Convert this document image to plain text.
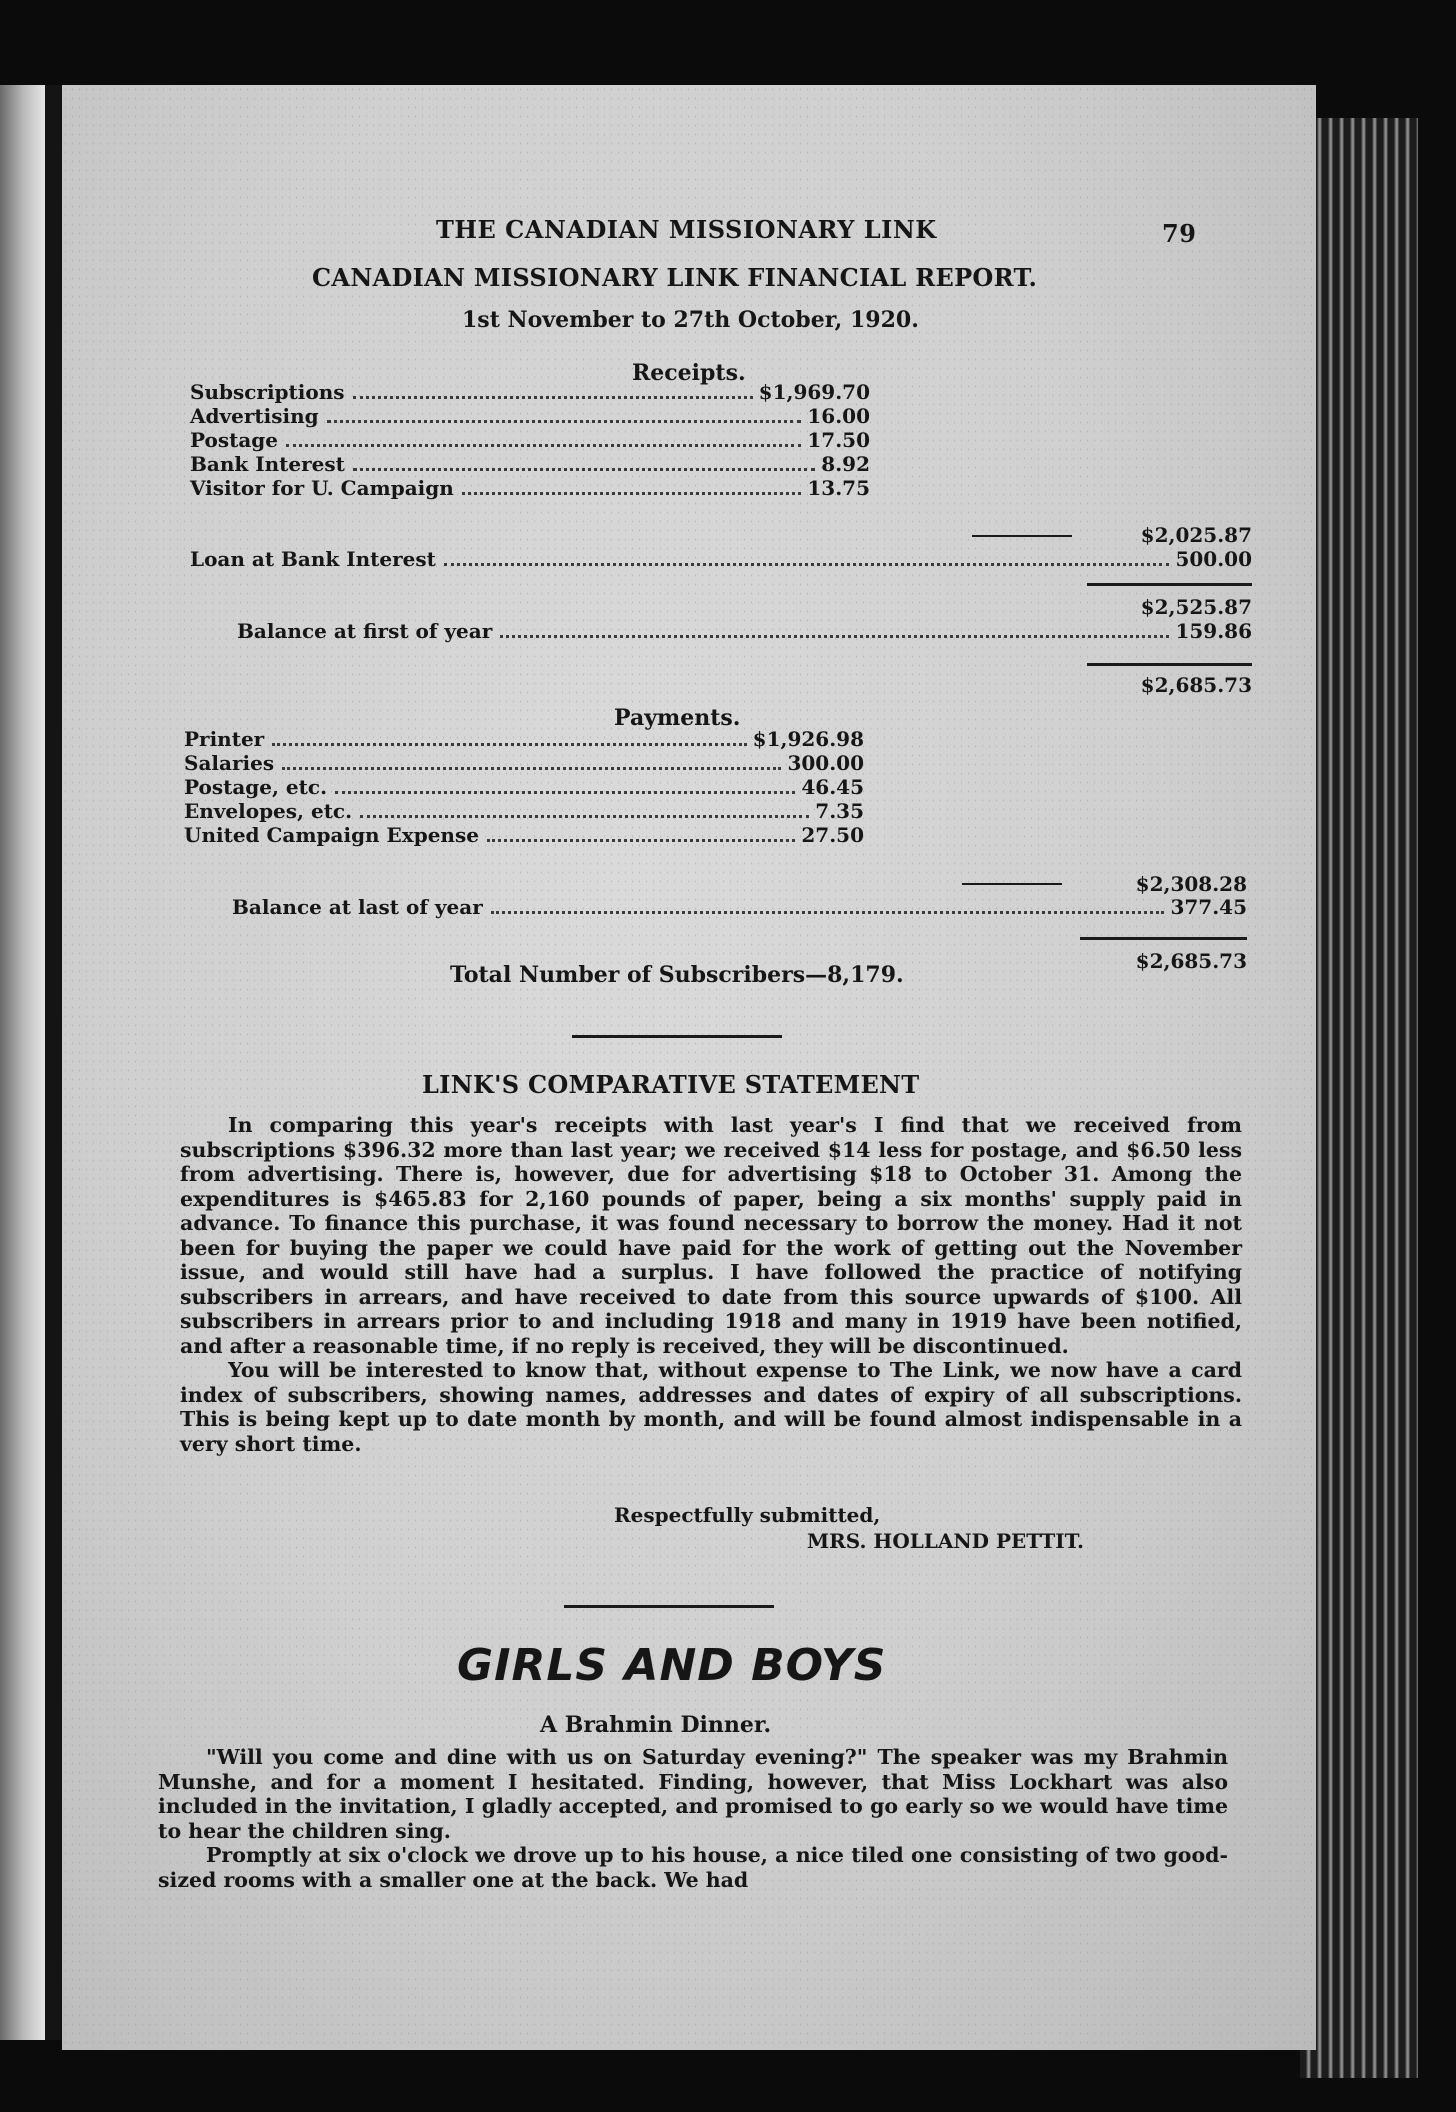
THE CANADIAN MISSIONARY LINK	79
CANADIAN MISSIONARY LINK FINANCIAL REPORT.
1st November to 27th October, 1920.
Receipts.
Subscriptions	$1,969.70
Advertising	16.00
Postage	17.50
Bank Interest	8.92
Visitor for U. Campaign	13.75
$2,025.87
Loan at Bank Interest	500.00
$2,525.87
Balance at first of year	159.86
$2,685.73
Payments.
Printer	$1,926.98
Salaries	300.00
Postage, etc.	46.45
Envelopes, etc.	7.35
United Campaign Expense	27.50
$2,308.28
Balance at last of year	377.45
$2,685.73
Total Number of Subscribers—8,179.
LINK'S COMPARATIVE STATEMENT

In comparing this year's receipts with last year's I find that we received from subscriptions $396.32 more than last year; we received $14 less for postage, and $6.50 less from advertising. There is, however, due for advertising $18 to October 31. Among the expenditures is $465.83 for 2,160 pounds of paper, being a six months' supply paid in advance. To finance this purchase, it was found necessary to borrow the money. Had it not been for buying the paper we could have paid for the work of getting out the November issue, and would still have had a surplus. I have followed the practice of notifying subscribers in arrears, and have received to date from this source upwards of $100. All subscribers in arrears prior to and including 1918 and many in 1919 have been notified, and after a reasonable time, if no reply is received, they will be discontinued.

You will be interested to know that, without expense to The Link, we now have a card index of subscribers, showing names, addresses and dates of expiry of all subscriptions. This is being kept up to date month by month, and will be found almost indispensable in a very short time.

Respectfully submitted,
MRS. HOLLAND PETTIT.
GIRLS AND BOYS
A Brahmin Dinner.

"Will you come and dine with us on Saturday evening?" The speaker was my Brahmin Munshe, and for a moment I hesitated. Finding, however, that Miss Lockhart was also included in the invitation, I gladly accepted, and promised to go early so we would have time to hear the children sing.

Promptly at six o'clock we drove up to his house, a nice tiled one consisting of two good-sized rooms with a smaller one at the back. We had
